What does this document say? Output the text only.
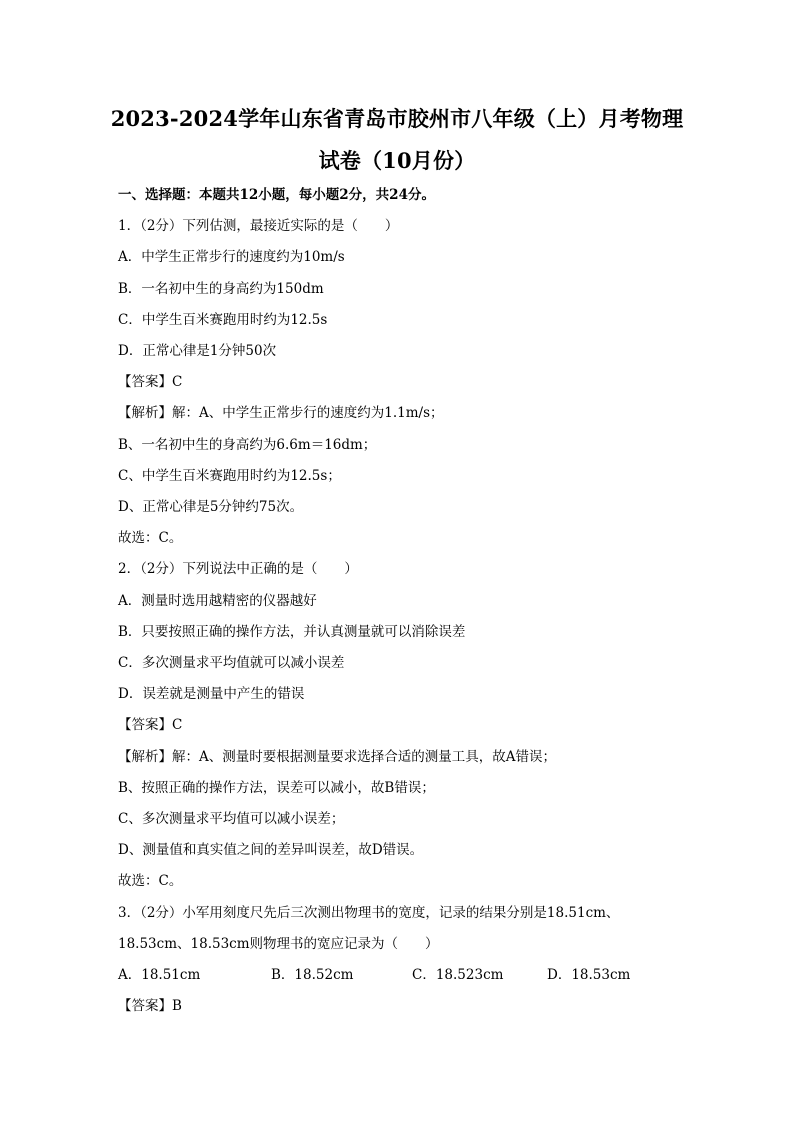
2023-2024学年山东省青岛市胶州市八年级（上）月考物理
试卷（10月份）
一、选择题：本题共12小题，每小题2分，共24分。
1．（2分）下列估测，最接近实际的是（　　）
A．中学生正常步行的速度约为10m/s
B．一名初中生的身高约为150dm
C．中学生百米赛跑用时约为12.5s
D．正常心律是1分钟50次
【答案】C
【解析】解：A、中学生正常步行的速度约为1.1m/s；
B、一名初中生的身高约为6.6m＝16dm；
C、中学生百米赛跑用时约为12.5s；
D、正常心律是5分钟约75次。
故选：C。
2．（2分）下列说法中正确的是（　　）
A．测量时选用越精密的仪器越好
B．只要按照正确的操作方法，并认真测量就可以消除误差
C．多次测量求平均值就可以减小误差
D．误差就是测量中产生的错误
【答案】C
【解析】解：A、测量时要根据测量要求选择合适的测量工具，故A错误；
B、按照正确的操作方法，误差可以减小，故B错误；
C、多次测量求平均值可以减小误差；
D、测量值和真实值之间的差异叫误差，故D错误。
故选：C。
3．（2分）小军用刻度尺先后三次测出物理书的宽度，记录的结果分别是18.51cm、
18.53cm、18.53cm则物理书的宽应记录为（　　）
A．18.51cm	B．18.52cm	C．18.523cm	D．18.53cm
【答案】B
